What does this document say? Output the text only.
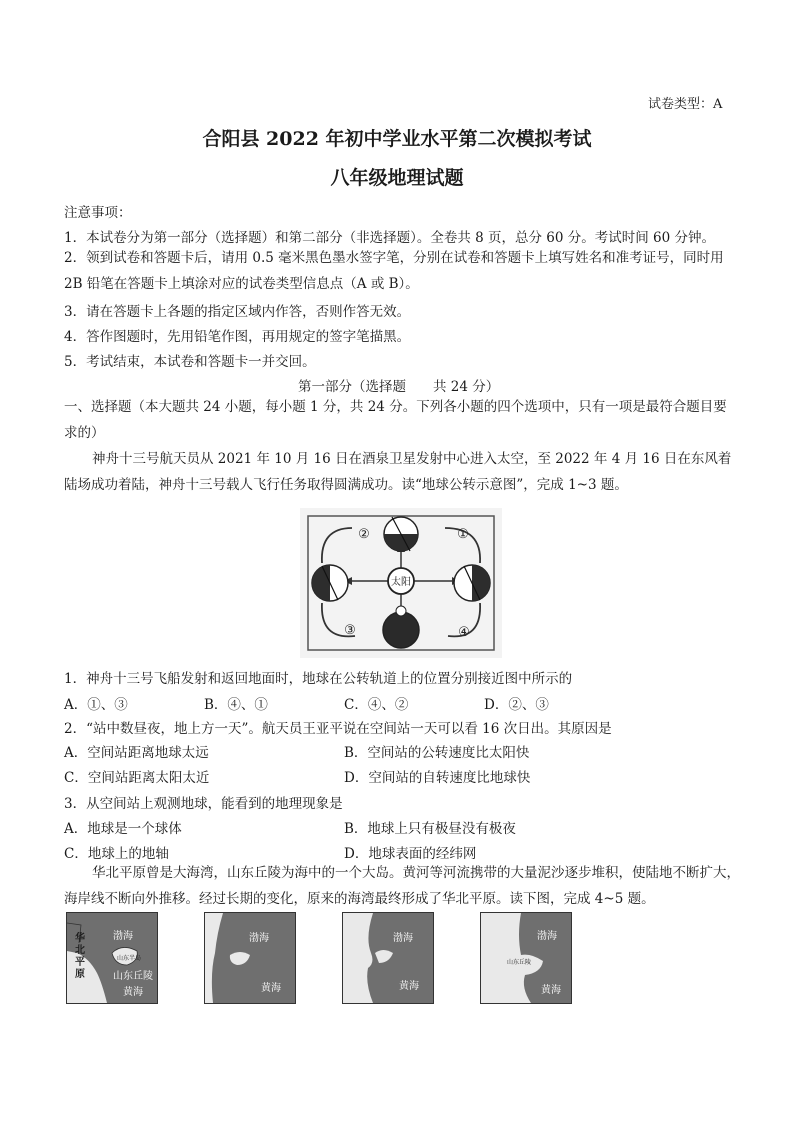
试卷类型：A
合阳县 2022 年初中学业水平第二次模拟考试
八年级地理试题
注意事项：
1．本试卷分为第一部分（选择题）和第二部分（非选择题）。全卷共 8 页，总分 60 分。考试时间 60 分钟。
2．领到试卷和答题卡后，请用 0.5 毫米黑色墨水签字笔，分别在试卷和答题卡上填写姓名和准考证号，同时用 2B 铅笔在答题卡上填涂对应的试卷类型信息点（A 或 B）。
3．请在答题卡上各题的指定区域内作答，否则作答无效。
4．答作图题时，先用铅笔作图，再用规定的签字笔描黑。
5．考试结束，本试卷和答题卡一并交回。
第一部分（选择题　　共 24 分）
一、选择题（本大题共 24 小题，每小题 1 分，共 24 分。下列各小题的四个选项中，只有一项是最符合题目要求的）
神舟十三号航天员从 2021 年 10 月 16 日在酒泉卫星发射中心进入太空，至 2022 年 4 月 16 日在东风着陆场成功着陆，神舟十三号载人飞行任务取得圆满成功。读“地球公转示意图”，完成 1~3 题。
太阳
①
②
③	④
1．神舟十三号飞船发射和返回地面时，地球在公转轨道上的位置分别接近图中所示的
A．①、③	B．④、①	C．④、②	D．②、③
2．“站中数昼夜，地上方一天”。航天员王亚平说在空间站一天可以看 16 次日出。其原因是
A．空间站距离地球太远	B．空间站的公转速度比太阳快
C．空间站距离太阳太近	D．空间站的自转速度比地球快
3．从空间站上观测地球，能看到的地理现象是
A．地球是一个球体	B．地球上只有极昼没有极夜
C．地球上的地轴	D．地球表面的经纬网
华北平原曾是大海湾，山东丘陵为海中的一个大岛。黄河等河流携带的大量泥沙逐步堆积，使陆地不断扩大，海岸线不断向外推移。经过长期的变化，原来的海湾最终形成了华北平原。读下图，完成 4~5 题。
华北平原
渤海
山东半岛
山东丘陵
黄海
渤海
黄海
渤海
黄海
渤海
山东丘陵
黄海
